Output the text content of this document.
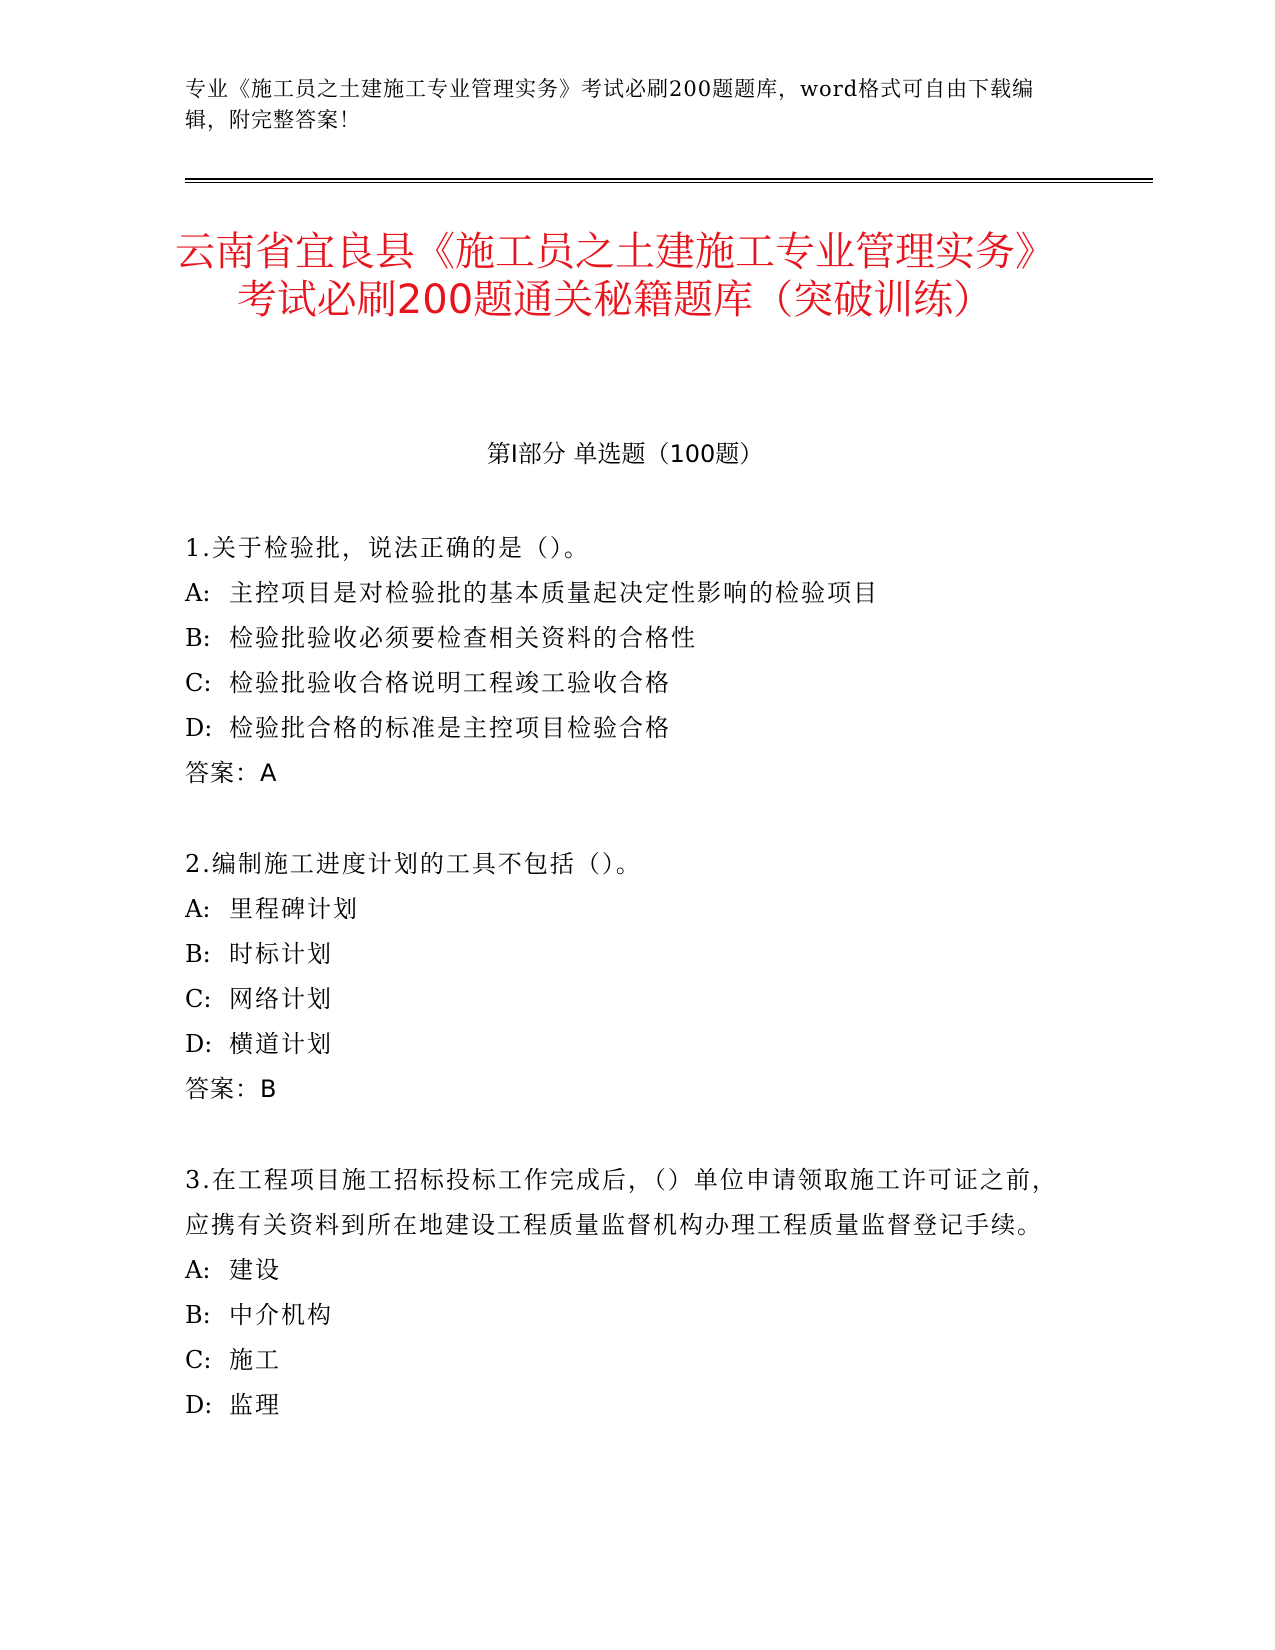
专业《施工员之土建施工专业管理实务》考试必刷200题题库，word格式可自由下载编辑，附完整答案！
云南省宜良县《施工员之土建施工专业管理实务》考试必刷200题通关秘籍题库（突破训练）
第Ⅰ部分 单选题（100题）
1.关于检验批，说法正确的是（）。
A: 主控项目是对检验批的基本质量起决定性影响的检验项目
B: 检验批验收必须要检查相关资料的合格性
C: 检验批验收合格说明工程竣工验收合格
D: 检验批合格的标准是主控项目检验合格
答案：A
2.编制施工进度计划的工具不包括（）。
A: 里程碑计划
B: 时标计划
C: 网络计划
D: 横道计划
答案：B
3.在工程项目施工招标投标工作完成后，（）单位申请领取施工许可证之前，应携有关资料到所在地建设工程质量监督机构办理工程质量监督登记手续。
A: 建设
B: 中介机构
C: 施工
D: 监理
